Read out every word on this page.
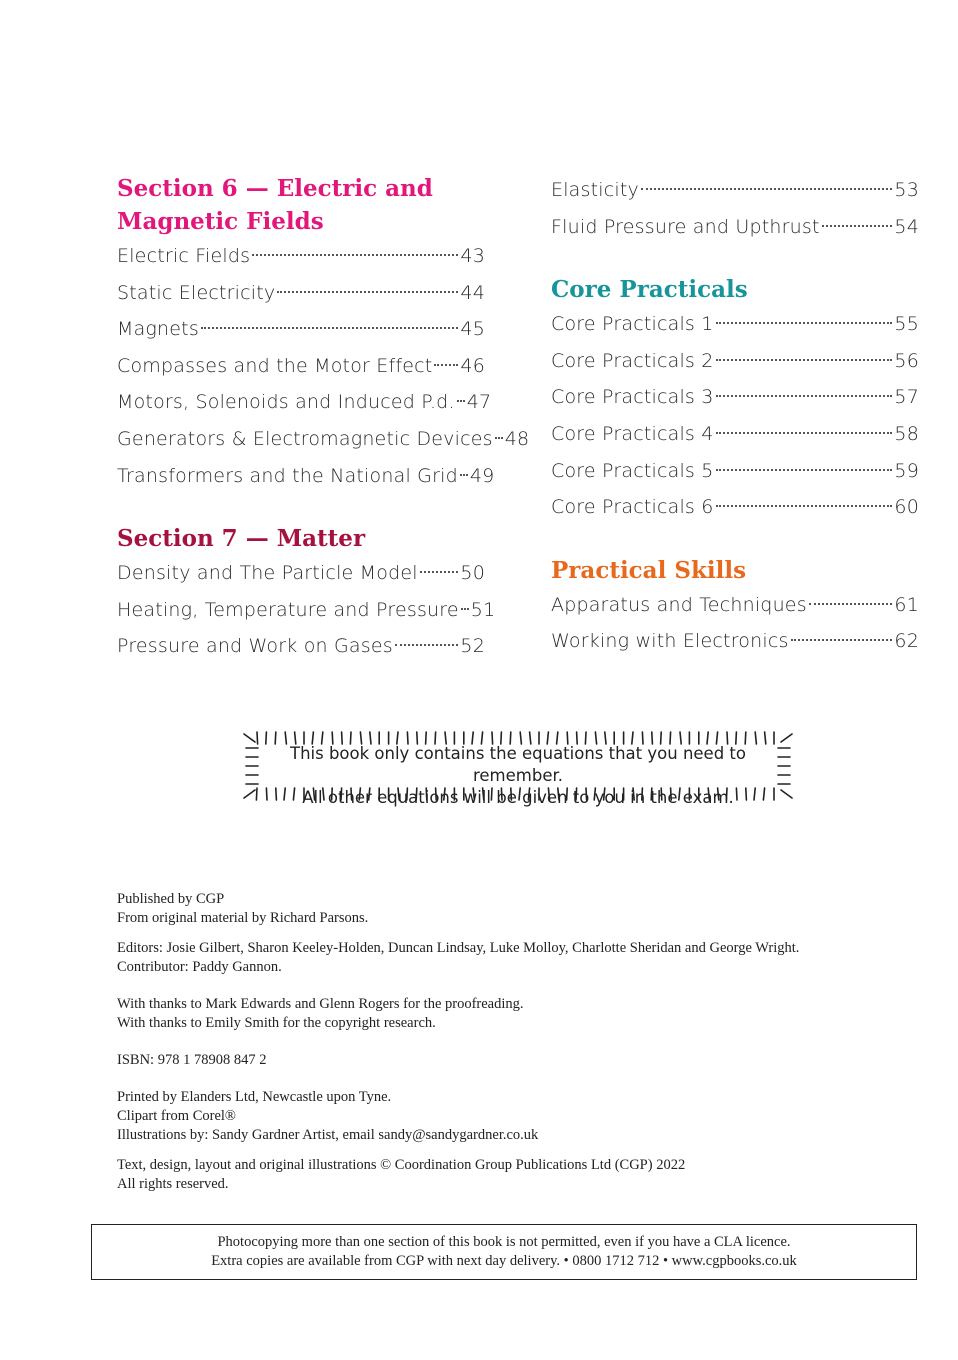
Section 6 — Electric and
Magnetic Fields
Electric Fields	43
Static Electricity	44
Magnets	45
Compasses and the Motor Effect 46
Motors, Solenoids and Induced P.d. 47
Generators & Electromagnetic Devices 48
Transformers and the National Grid 49
Section 7 — Matter
Density and The Particle Model 50
Heating, Temperature and Pressure 51
Pressure and Work on Gases	52
Elasticity	53
Fluid Pressure and Upthrust	54
Core Practicals
Core Practicals 1	55
Core Practicals 2	56
Core Practicals 3	57
Core Practicals 4	58
Core Practicals 5	59
Core Practicals 6	60
Practical Skills
Apparatus and Techniques	61
Working with Electronics	62
This book only contains the equations that you need to remember.
All other equations will be given to you in the exam.

Published by CGP

From original material by Richard Parsons.

Editors: Josie Gilbert, Sharon Keeley-Holden, Duncan Lindsay, Luke Molloy, Charlotte Sheridan and George Wright.

Contributor: Paddy Gannon.

With thanks to Mark Edwards and Glenn Rogers for the proofreading.

With thanks to Emily Smith for the copyright research.

ISBN: 978 1 78908 847 2

Printed by Elanders Ltd, Newcastle upon Tyne.

Clipart from Corel®

Illustrations by: Sandy Gardner Artist, email sandy@sandygardner.co.uk

Text, design, layout and original illustrations © Coordination Group Publications Ltd (CGP) 2022

All rights reserved.

Photocopying more than one section of this book is not permitted, even if you have a CLA licence.

Extra copies are available from CGP with next day delivery. • 0800 1712 712 • www.cgpbooks.co.uk
